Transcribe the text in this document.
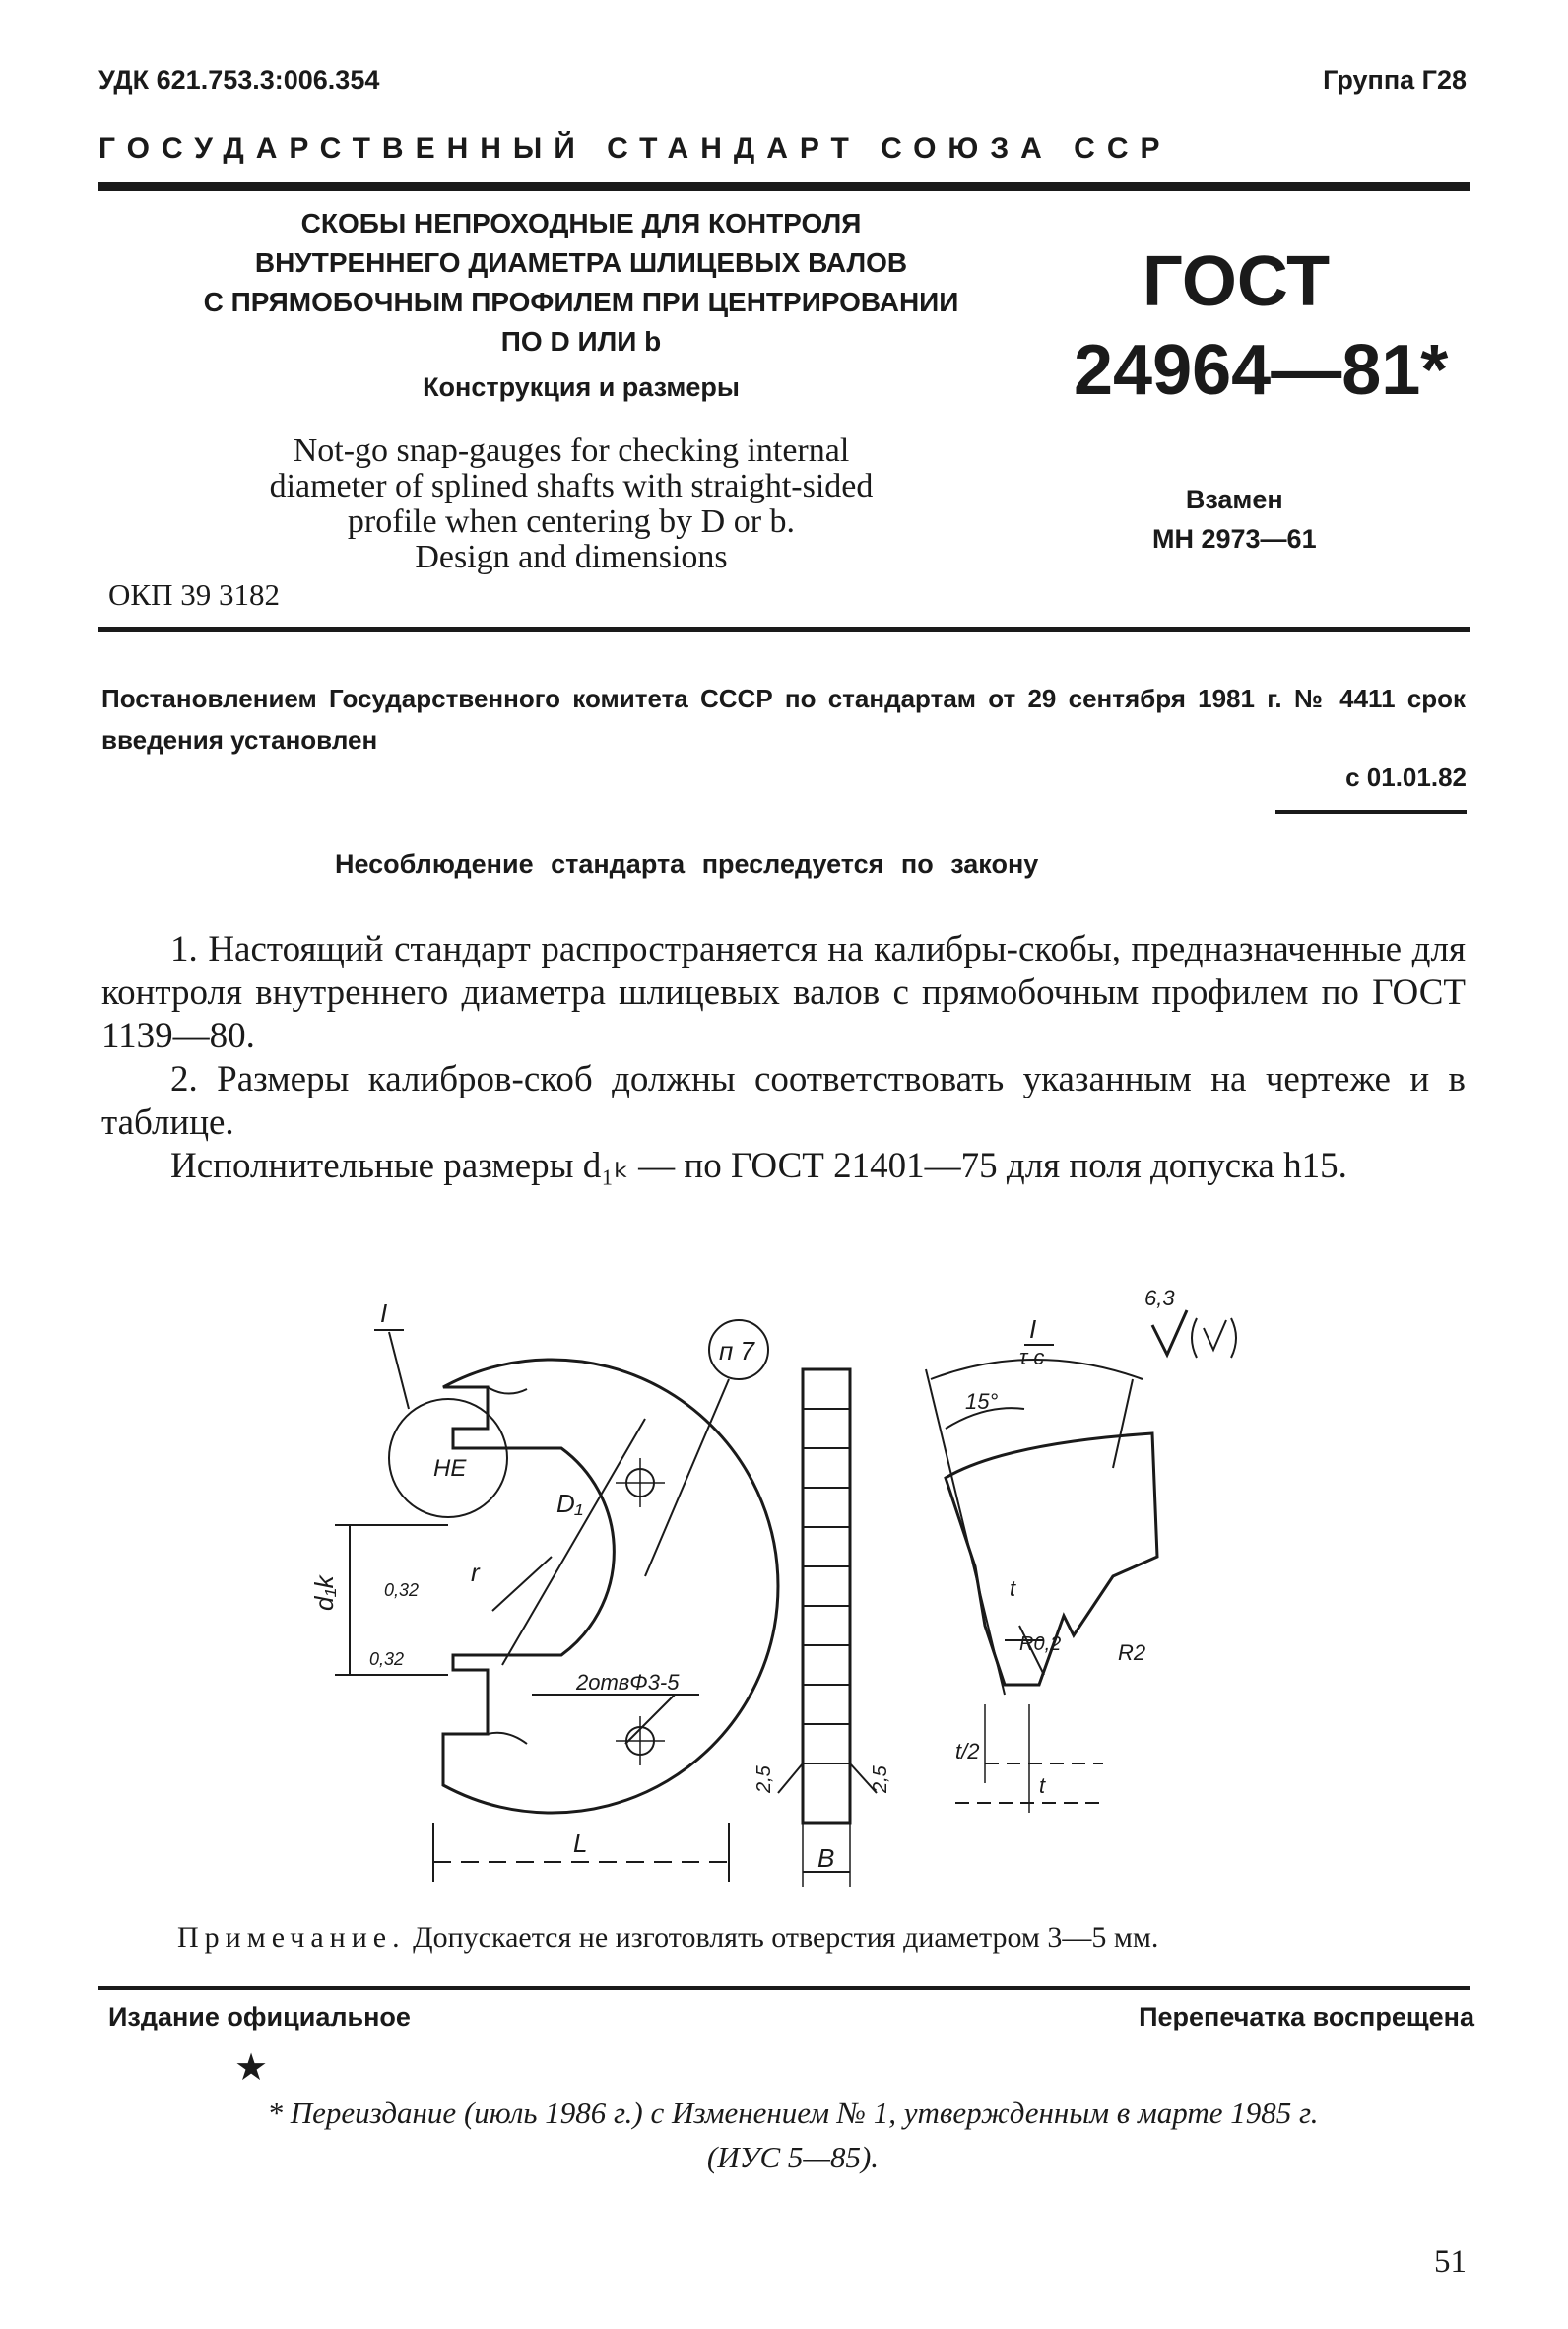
УДК 621.753.3:006.354	Группа Г28
ГОСУДАРСТВЕННЫЙ СТАНДАРТ СОЮЗА ССР
СКОБЫ НЕПРОХОДНЫЕ ДЛЯ КОНТРОЛЯ
ВНУТРЕННЕГО ДИАМЕТРА ШЛИЦЕВЫХ ВАЛОВ
С ПРЯМОБОЧНЫМ ПРОФИЛЕМ ПРИ ЦЕНТРИРОВАНИИ
ПО D ИЛИ b
Конструкция и размеры
Not-go snap-gauges for checking internal
diameter of splined shafts with straight-sided
profile when centering by D or b.
Design and dimensions
ОКП 39 3182
ГОСТ
24964—81*
Взамен
МН 2973—61
Постановлением Государственного комитета СССР по стандартам от 29 сентября 1981 г. № 4411 срок введения установлен
с 01.01.82
Несоблюдение стандарта преследуется по закону

1. Настоящий стандарт распространяется на калибры-скобы, предназначенные для контроля внутреннего диаметра шлицевых валов с прямобочным профилем по ГОСТ 1139—80.

2. Размеры калибров-скоб должны соответствовать указанным на чертеже и в таблице.

Исполнительные размеры d₁ₖ — по ГОСТ 21401—75 для поля допуска h15.

I
I
6,3
НЕ
п 7
D₁
r
d₁k	0,32
0,32
2отвΦ3-5
L	B
2,5	2,5
15°
τ с
t
R0,2	R2
t/2
t
Примечание. Допускается не изготовлять отверстия диаметром 3—5 мм.
Издание официальное	Перепечатка воспрещена
★
* Переиздание (июль 1986 г.) с Изменением № 1, утвержденным в марте 1985 г.
(ИУС 5—85).
51
